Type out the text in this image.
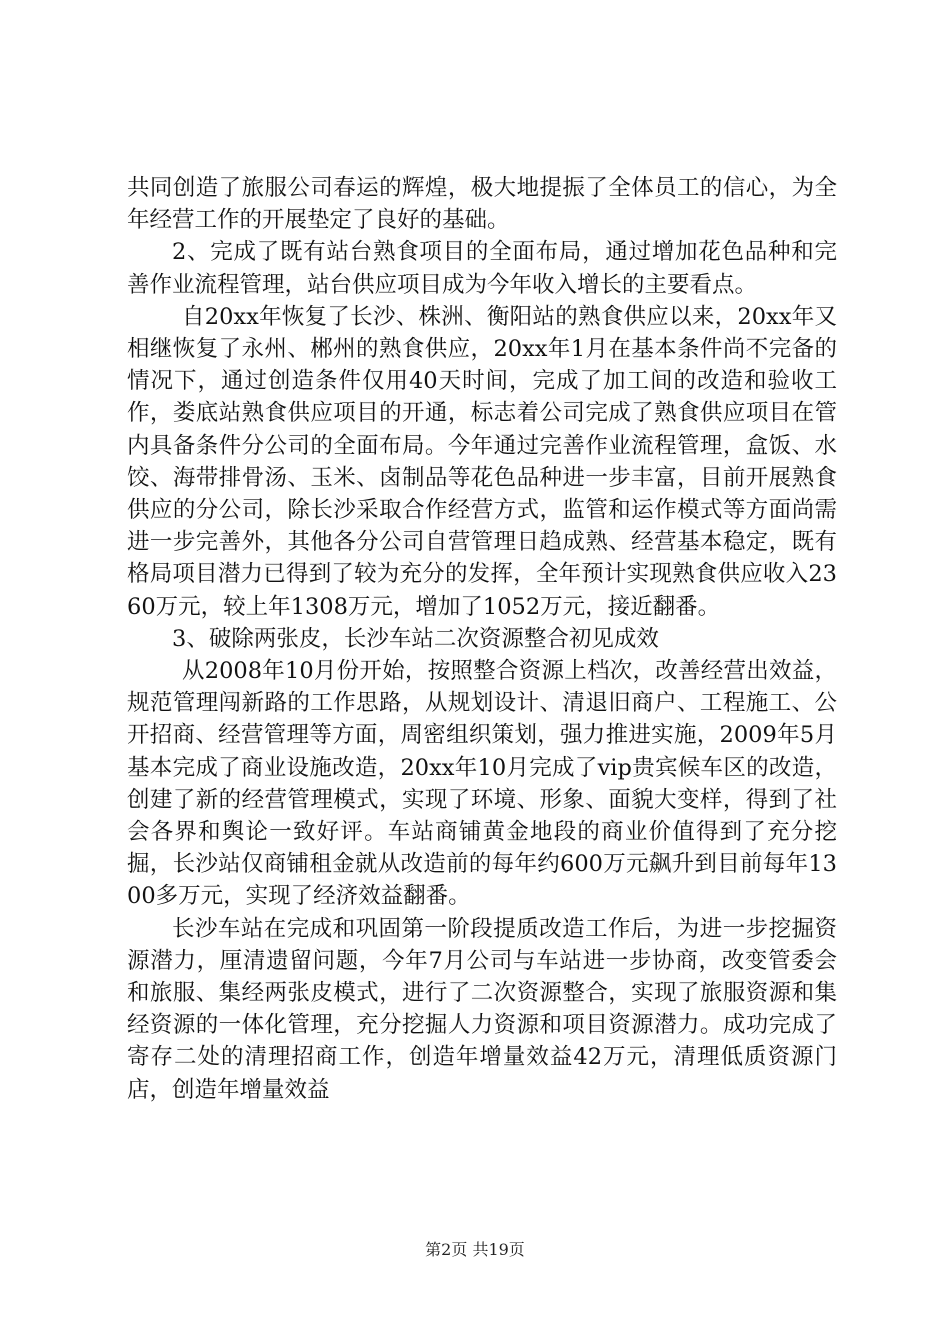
共同创造了旅服公司春运的辉煌，极大地提振了全体员工的信心，为全年经营工作的开展垫定了良好的基础。

2、完成了既有站台熟食项目的全面布局，通过增加花色品种和完善作业流程管理，站台供应项目成为今年收入增长的主要看点。

自20xx年恢复了长沙、株洲、衡阳站的熟食供应以来，20xx年又相继恢复了永州、郴州的熟食供应，20xx年1月在基本条件尚不完备的情况下，通过创造条件仅用40天时间，完成了加工间的改造和验收工作，娄底站熟食供应项目的开通，标志着公司完成了熟食供应项目在管内具备条件分公司的全面布局。今年通过完善作业流程管理，盒饭、水饺、海带排骨汤、玉米、卤制品等花色品种进一步丰富，目前开展熟食供应的分公司，除长沙采取合作经营方式，监管和运作模式等方面尚需进一步完善外，其他各分公司自营管理日趋成熟、经营基本稳定，既有格局项目潜力已得到了较为充分的发挥，全年预计实现熟食供应收入2360万元，较上年1308万元，增加了1052万元，接近翻番。

3、破除两张皮，长沙车站二次资源整合初见成效

从2008年10月份开始，按照整合资源上档次，改善经营出效益，规范管理闯新路的工作思路，从规划设计、清退旧商户、工程施工、公开招商、经营管理等方面，周密组织策划，强力推进实施，2009年5月基本完成了商业设施改造，20xx年10月完成了vip贵宾候车区的改造，创建了新的经营管理模式，实现了环境、形象、面貌大变样，得到了社会各界和舆论一致好评。车站商铺黄金地段的商业价值得到了充分挖掘，长沙站仅商铺租金就从改造前的每年约600万元飙升到目前每年1300多万元，实现了经济效益翻番。

长沙车站在完成和巩固第一阶段提质改造工作后，为进一步挖掘资源潜力，厘清遗留问题，今年7月公司与车站进一步协商，改变管委会和旅服、集经两张皮模式，进行了二次资源整合，实现了旅服资源和集经资源的一体化管理，充分挖掘人力资源和项目资源潜力。成功完成了寄存二处的清理招商工作，创造年增量效益42万元，清理低质资源门店，创造年增量效益

第2页 共19页
